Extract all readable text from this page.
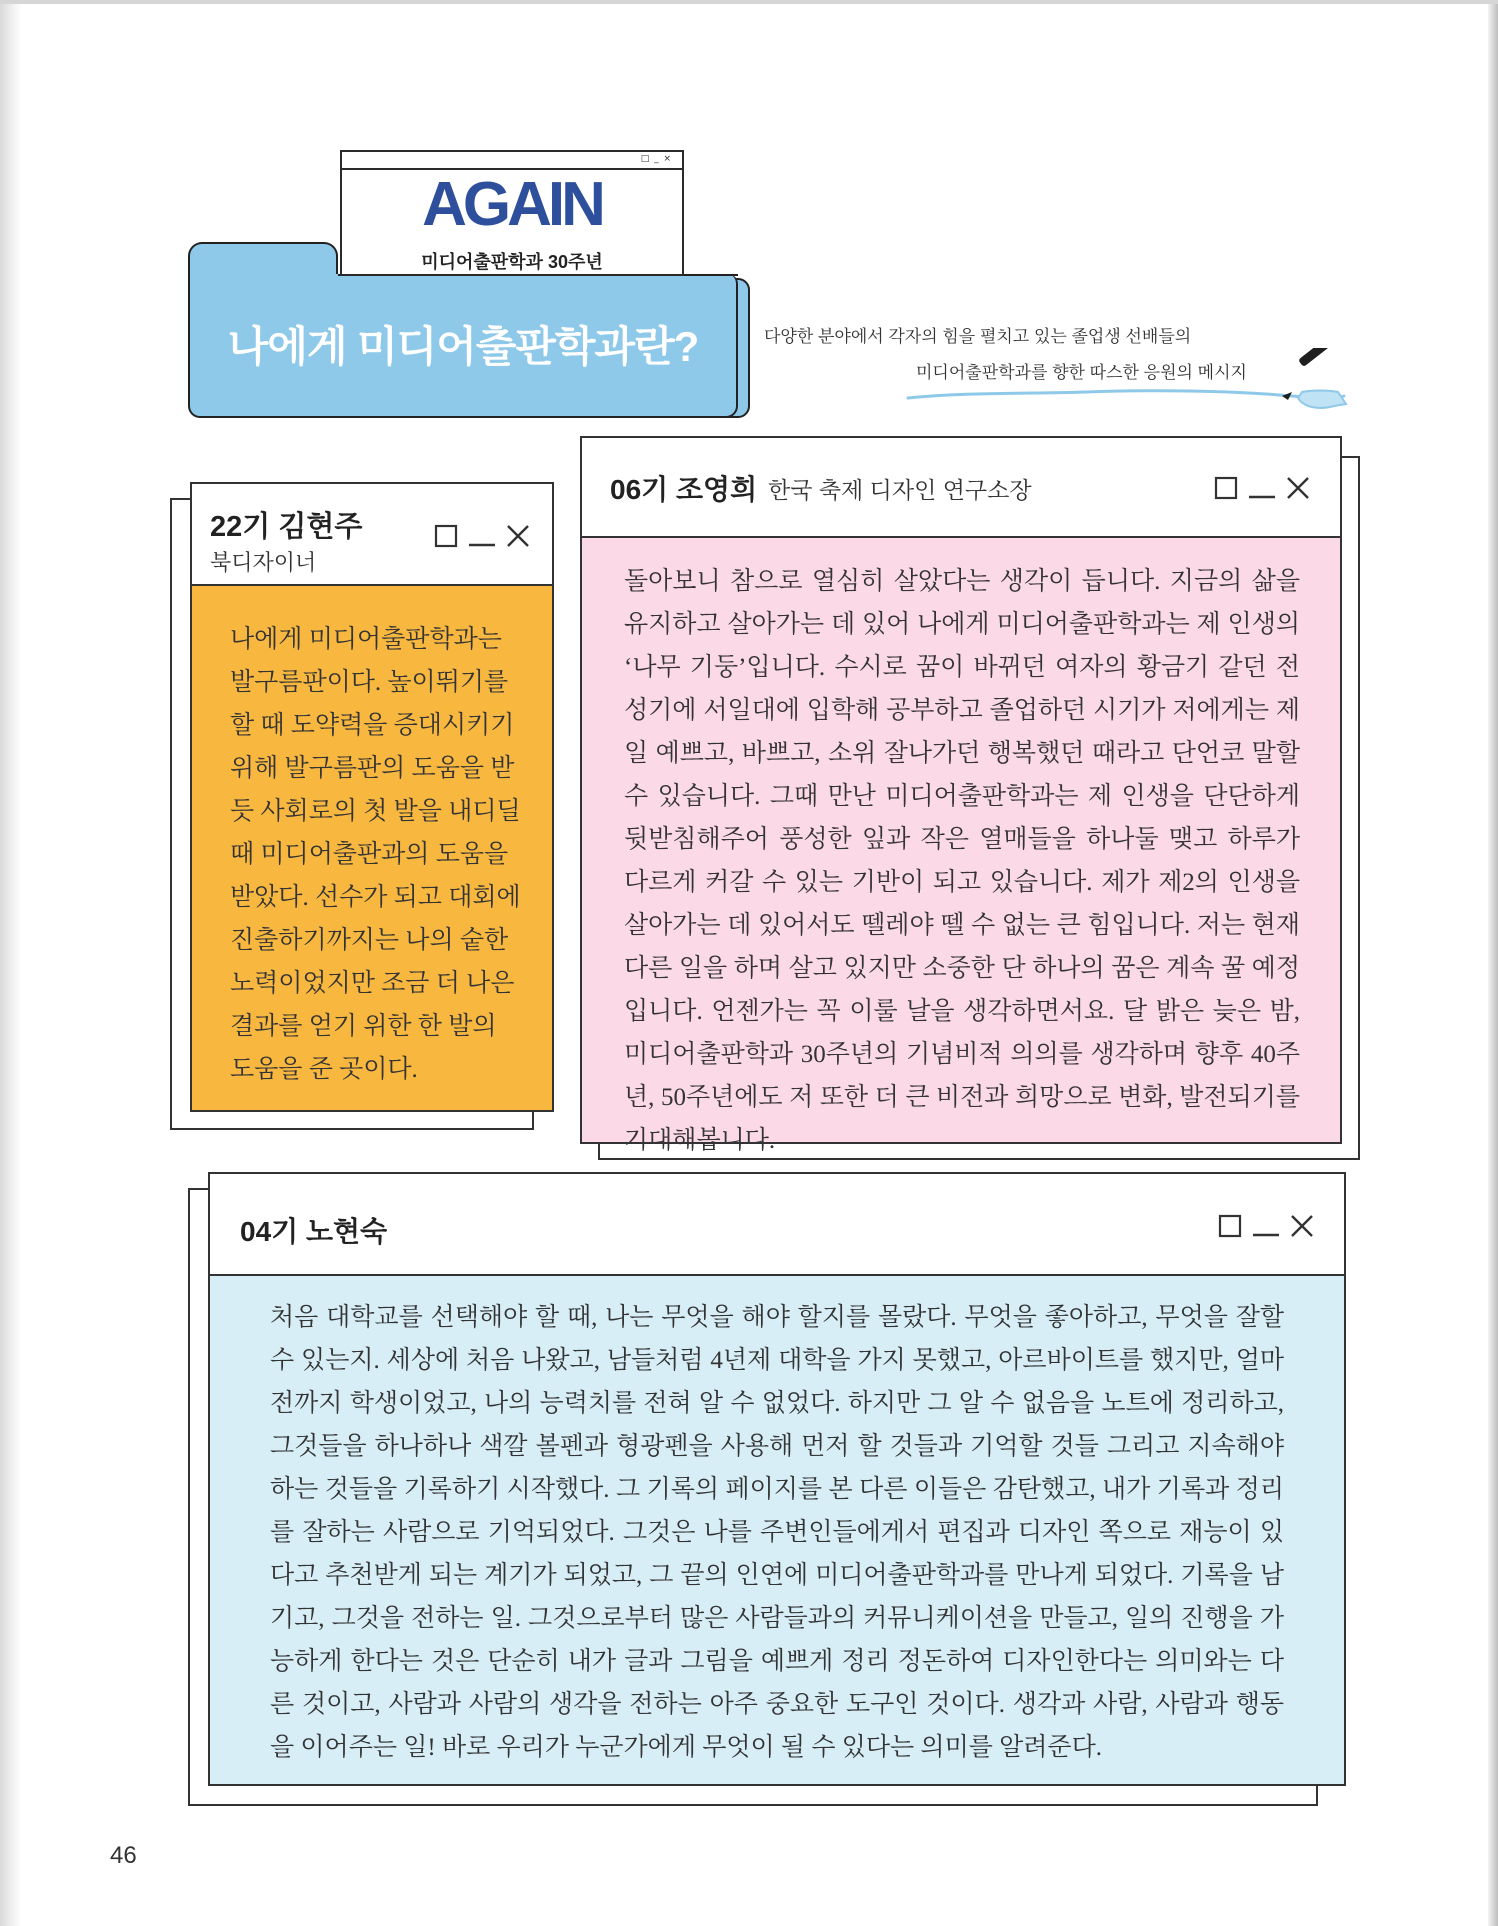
□ _ ×
AGAIN
미디어출판학과 30주년
나에게 미디어출판학과란?	다양한 분야에서 각자의 힘을 펼치고 있는 졸업생 선배들의
미디어출판학과를 향한 따스한 응원의 메시지
22기 김현주
북디자이너
나에게 미디어출판학과는 발구름판이다. 높이뛰기를 할 때 도약력을 증대시키기 위해 발구름판의 도움을 받듯 사회로의 첫 발을 내디딜 때 미디어출판과의 도움을 받았다. 선수가 되고 대회에 진출하기까지는 나의 숱한 노력이었지만 조금 더 나은 결과를 얻기 위한 한 발의 도움을 준 곳이다.
06기 조영희 한국 축제 디자인 연구소장
돌아보니 참으로 열심히 살았다는 생각이 듭니다. 지금의 삶을 유지하고 살아가는 데 있어 나에게 미디어출판학과는 제 인생의 ‘나무 기둥’입니다. 수시로 꿈이 바뀌던 여자의 황금기 같던 전성기에 서일대에 입학해 공부하고 졸업하던 시기가 저에게는 제일 예쁘고, 바쁘고, 소위 잘나가던 행복했던 때라고 단언코 말할 수 있습니다. 그때 만난 미디어출판학과는 제 인생을 단단하게 뒷받침해주어 풍성한 잎과 작은 열매들을 하나둘 맺고 하루가 다르게 커갈 수 있는 기반이 되고 있습니다. 제가 제2의 인생을 살아가는 데 있어서도 뗄레야 뗄 수 없는 큰 힘입니다. 저는 현재 다른 일을 하며 살고 있지만 소중한 단 하나의 꿈은 계속 꿀 예정입니다. 언젠가는 꼭 이룰 날을 생각하면서요. 달 밝은 늦은 밤, 미디어출판학과 30주년의 기념비적 의의를 생각하며 향후 40주년, 50주년에도 저 또한 더 큰 비전과 희망으로 변화, 발전되기를 기대해봅니다.
04기 노현숙
처음 대학교를 선택해야 할 때, 나는 무엇을 해야 할지를 몰랐다. 무엇을 좋아하고, 무엇을 잘할 수 있는지. 세상에 처음 나왔고, 남들처럼 4년제 대학을 가지 못했고, 아르바이트를 했지만, 얼마 전까지 학생이었고, 나의 능력치를 전혀 알 수 없었다. 하지만 그 알 수 없음을 노트에 정리하고, 그것들을 하나하나 색깔 볼펜과 형광펜을 사용해 먼저 할 것들과 기억할 것들 그리고 지속해야 하는 것들을 기록하기 시작했다. 그 기록의 페이지를 본 다른 이들은 감탄했고, 내가 기록과 정리를 잘하는 사람으로 기억되었다. 그것은 나를 주변인들에게서 편집과 디자인 쪽으로 재능이 있다고 추천받게 되는 계기가 되었고, 그 끝의 인연에 미디어출판학과를 만나게 되었다. 기록을 남기고, 그것을 전하는 일. 그것으로부터 많은 사람들과의 커뮤니케이션을 만들고, 일의 진행을 가능하게 한다는 것은 단순히 내가 글과 그림을 예쁘게 정리 정돈하여 디자인한다는 의미와는 다른 것이고, 사람과 사람의 생각을 전하는 아주 중요한 도구인 것이다. 생각과 사람, 사람과 행동을 이어주는 일! 바로 우리가 누군가에게 무엇이 될 수 있다는 의미를 알려준다.
46
